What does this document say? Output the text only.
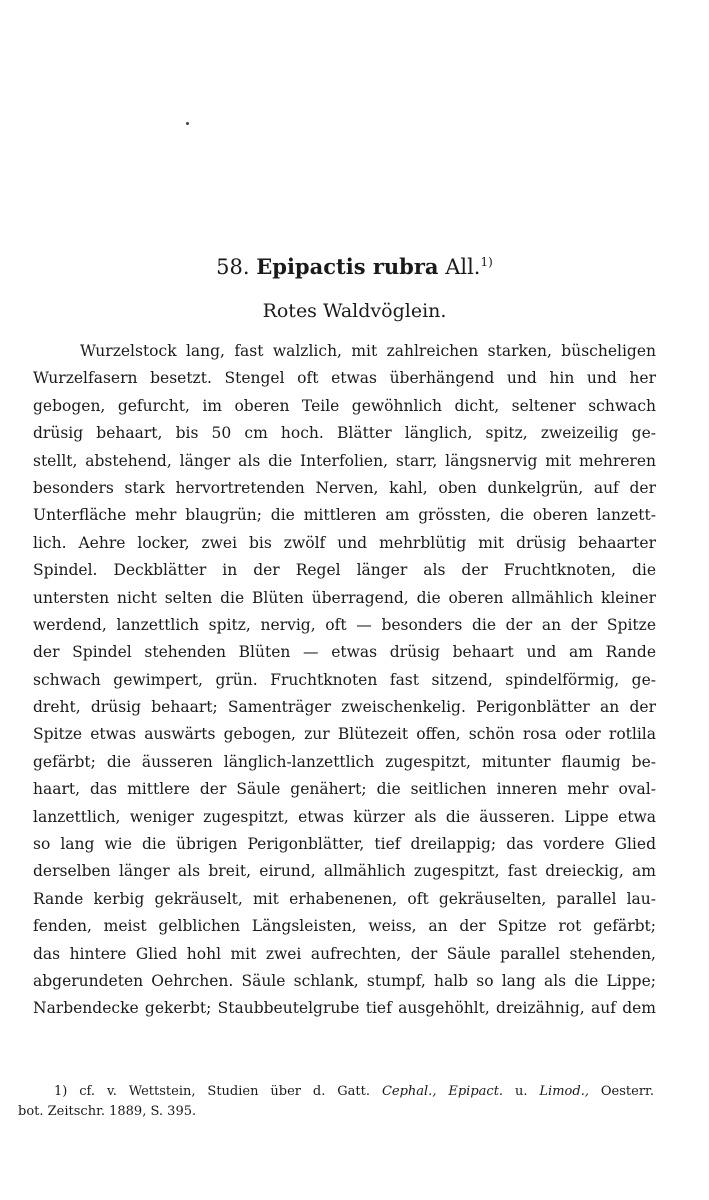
58. Epipactis rubra All.$^{1)}$
Rotes Waldvöglein.
Wurzelstock lang, fast walzlich, mit zahlreichen starken, büscheligen
Wurzelfasern besetzt. Stengel oft etwas überhängend und hin und her
gebogen, gefurcht, im oberen Teile gewöhnlich dicht, seltener schwach
drüsig behaart, bis 50 cm hoch. Blätter länglich, spitz, zweizeilig ge-
stellt, abstehend, länger als die Interfolien, starr, längsnervig mit mehreren
besonders stark hervortretenden Nerven, kahl, oben dunkelgrün, auf der
Unterfläche mehr blaugrün; die mittleren am grössten, die oberen lanzett-
lich. Aehre locker, zwei bis zwölf und mehrblütig mit drüsig behaarter
Spindel. Deckblätter in der Regel länger als der Fruchtknoten, die
untersten nicht selten die Blüten überragend, die oberen allmählich kleiner
werdend, lanzettlich spitz, nervig, oft — besonders die der an der Spitze
der Spindel stehenden Blüten — etwas drüsig behaart und am Rande
schwach gewimpert, grün. Fruchtknoten fast sitzend, spindelförmig, ge-
dreht, drüsig behaart; Samenträger zweischenkelig. Perigonblätter an der
Spitze etwas auswärts gebogen, zur Blütezeit offen, schön rosa oder rotlila
gefärbt; die äusseren länglich-lanzettlich zugespitzt, mitunter flaumig be-
haart, das mittlere der Säule genähert; die seitlichen inneren mehr oval-
lanzettlich, weniger zugespitzt, etwas kürzer als die äusseren. Lippe etwa
so lang wie die übrigen Perigonblätter, tief dreilappig; das vordere Glied
derselben länger als breit, eirund, allmählich zugespitzt, fast dreieckig, am
Rande kerbig gekräuselt, mit erhabenenen, oft gekräuselten, parallel lau-
fenden, meist gelblichen Längsleisten, weiss, an der Spitze rot gefärbt;
das hintere Glied hohl mit zwei aufrechten, der Säule parallel stehenden,
abgerundeten Oehrchen. Säule schlank, stumpf, halb so lang als die Lippe;
Narbendecke gekerbt; Staubbeutelgrube tief ausgehöhlt, dreizähnig, auf dem
1) cf. v. Wettstein, Studien über d. Gatt. Cephal., Epipact. u. Limod., Oesterr.
bot. Zeitschr. 1889, S. 395.
